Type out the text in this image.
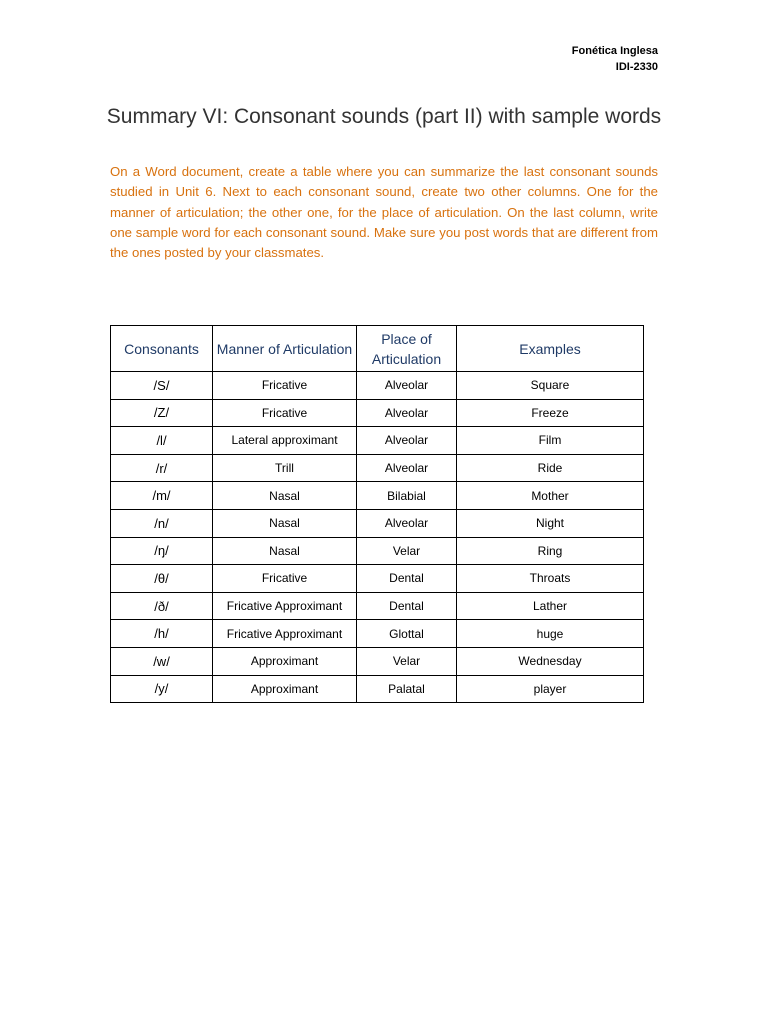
Fonética Inglesa
IDI-2330
Summary VI: Consonant sounds (part II) with sample words

On a Word document, create a table where you can summarize the last consonant sounds studied in Unit 6. Next to each consonant sound, create two other columns. One for the manner of articulation; the other one, for the place of articulation. On the last column, write one sample word for each consonant sound. Make sure you post words that are different from the ones posted by your classmates.

Consonants	Manner of Articulation	Place of Articulation	Examples
/S/	Fricative	Alveolar	Square
/Z/	Fricative	Alveolar	Freeze
/l/	Lateral approximant	Alveolar	Film
/r/	Trill	Alveolar	Ride
/m/	Nasal	Bilabial	Mother
/n/	Nasal	Alveolar	Night
/ŋ/	Nasal	Velar	Ring
/θ/	Fricative	Dental	Throats
/ð/	Fricative Approximant	Dental	Lather
/h/	Fricative Approximant	Glottal	huge
/w/	Approximant	Velar	Wednesday
/y/	Approximant	Palatal	player
